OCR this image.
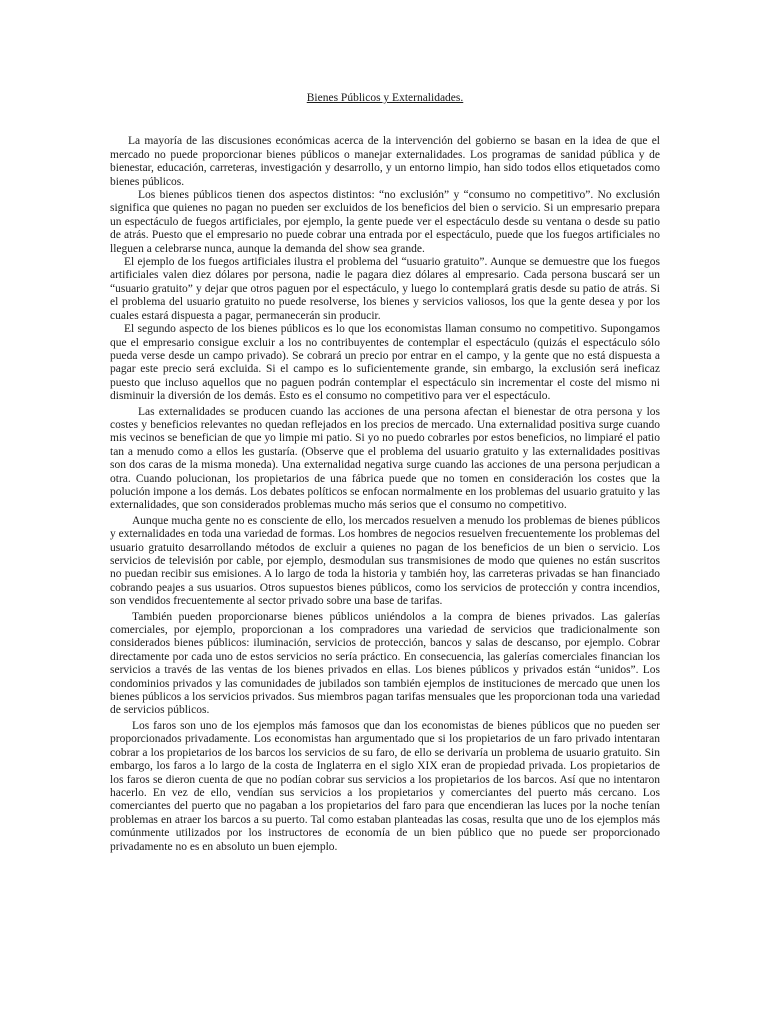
Bienes Públicos y Externalidades.

La mayoría de las discusiones económicas acerca de la intervención del gobierno se basan en la idea de que el mercado no puede proporcionar bienes públicos o manejar externalidades. Los programas de sanidad pública y de bienestar, educación, carreteras, investigación y desarrollo, y un entorno limpio, han sido todos ellos etiquetados como bienes públicos.

Los bienes públicos tienen dos aspectos distintos: “no exclusión” y “consumo no competitivo”. No exclusión significa que quienes no pagan no pueden ser excluidos de los beneficios del bien o servicio. Si un empresario prepara un espectáculo de fuegos artificiales, por ejemplo, la gente puede ver el espectáculo desde su ventana o desde su patio de atrás. Puesto que el empresario no puede cobrar una entrada por el espectáculo, puede que los fuegos artificiales no lleguen a celebrarse nunca, aunque la demanda del show sea grande.

El ejemplo de los fuegos artificiales ilustra el problema del “usuario gratuito”. Aunque se demuestre que los fuegos artificiales valen diez dólares por persona, nadie le pagara diez dólares al empresario. Cada persona buscará ser un “usuario gratuito” y dejar que otros paguen por el espectáculo, y luego lo contemplará gratis desde su patio de atrás. Si el problema del usuario gratuito no puede resolverse, los bienes y servicios valiosos, los que la gente desea y por los cuales estará dispuesta a pagar, permanecerán sin producir.

El segundo aspecto de los bienes públicos es lo que los economistas llaman consumo no competitivo. Supongamos que el empresario consigue excluir a los no contribuyentes de contemplar el espectáculo (quizás el espectáculo sólo pueda verse desde un campo privado). Se cobrará un precio por entrar en el campo, y la gente que no está dispuesta a pagar este precio será excluida. Si el campo es lo suficientemente grande, sin embargo, la exclusión será ineficaz puesto que incluso aquellos que no paguen podrán contemplar el espectáculo sin incrementar el coste del mismo ni disminuir la diversión de los demás. Esto es el consumo no competitivo para ver el espectáculo.

Las externalidades se producen cuando las acciones de una persona afectan el bienestar de otra persona y los costes y beneficios relevantes no quedan reflejados en los precios de mercado. Una externalidad positiva surge cuando mis vecinos se benefician de que yo limpie mi patio. Si yo no puedo cobrarles por estos beneficios, no limpiaré el patio tan a menudo como a ellos les gustaría. (Observe que el problema del usuario gratuito y las externalidades positivas son dos caras de la misma moneda). Una externalidad negativa surge cuando las acciones de una persona perjudican a otra. Cuando polucionan, los propietarios de una fábrica puede que no tomen en consideración los costes que la polución impone a los demás. Los debates políticos se enfocan normalmente en los problemas del usuario gratuito y las externalidades, que son considerados problemas mucho más serios que el consumo no competitivo.

Aunque mucha gente no es consciente de ello, los mercados resuelven a menudo los problemas de bienes públicos y externalidades en toda una variedad de formas. Los hombres de negocios resuelven frecuentemente los problemas del usuario gratuito desarrollando métodos de excluir a quienes no pagan de los beneficios de un bien o servicio. Los servicios de televisión por cable, por ejemplo, desmodulan sus transmisiones de modo que quienes no están suscritos no puedan recibir sus emisiones. A lo largo de toda la historia y también hoy, las carreteras privadas se han financiado cobrando peajes a sus usuarios. Otros supuestos bienes públicos, como los servicios de protección y contra incendios, son vendidos frecuentemente al sector privado sobre una base de tarifas.

También pueden proporcionarse bienes públicos uniéndolos a la compra de bienes privados. Las galerías comerciales, por ejemplo, proporcionan a los compradores una variedad de servicios que tradicionalmente son considerados bienes públicos: iluminación, servicios de protección, bancos y salas de descanso, por ejemplo. Cobrar directamente por cada uno de estos servicios no sería práctico. En consecuencia, las galerías comerciales financian los servicios a través de las ventas de los bienes privados en ellas. Los bienes públicos y privados están “unidos”. Los condominios privados y las comunidades de jubilados son también ejemplos de instituciones de mercado que unen los bienes públicos a los servicios privados. Sus miembros pagan tarifas mensuales que les proporcionan toda una variedad de servicios públicos.

Los faros son uno de los ejemplos más famosos que dan los economistas de bienes públicos que no pueden ser proporcionados privadamente. Los economistas han argumentado que si los propietarios de un faro privado intentaran cobrar a los propietarios de los barcos los servicios de su faro, de ello se derivaría un problema de usuario gratuito. Sin embargo, los faros a lo largo de la costa de Inglaterra en el siglo XIX eran de propiedad privada. Los propietarios de los faros se dieron cuenta de que no podían cobrar sus servicios a los propietarios de los barcos. Así que no intentaron hacerlo. En vez de ello, vendían sus servicios a los propietarios y comerciantes del puerto más cercano. Los comerciantes del puerto que no pagaban a los propietarios del faro para que encendieran las luces por la noche tenían problemas en atraer los barcos a su puerto. Tal como estaban planteadas las cosas, resulta que uno de los ejemplos más comúnmente utilizados por los instructores de economía de un bien público que no puede ser proporcionado privadamente no es en absoluto un buen ejemplo.
